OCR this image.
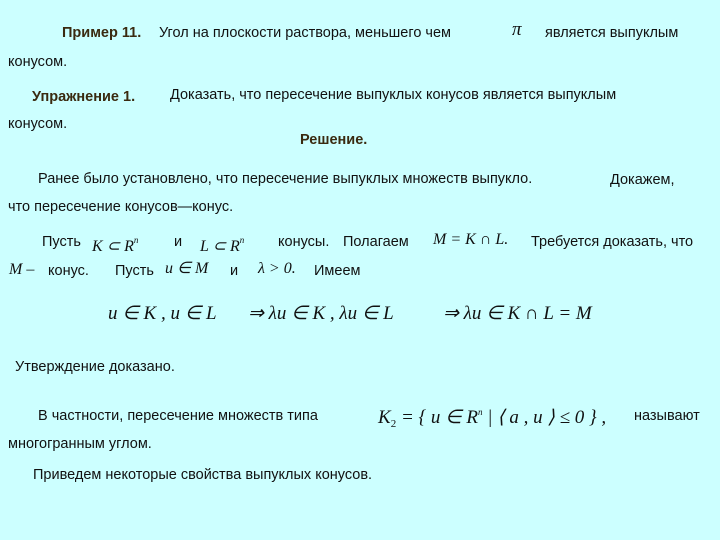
Пример 11. Угол на плоскости раствора, меньшего чем	π является выпуклым
конусом.
Упражнение 1. Доказать, что пересечение выпуклых конусов является выпуклым
конусом.
Решение.
Ранее было установлено, что пересечение выпуклых множеств выпукло.	Докажем,
что пересечение конусов—конус.
Пусть K ⊂ $R^n$ и L ⊂ $R^n$ конусы. Полагаем M = K ∩ L. Требуется доказать, что
M – конус. Пусть u ∈ M и λ > 0. Имеем
u ∈ K , u ∈ L ⇒ λu ∈ K , λu ∈ L	⇒ λu ∈ K ∩ L = M
Утверждение доказано.
В частности, пересечение множеств типа	$K_2$ = { u ∈ $R^n$ | ⟨ a , u ⟩ ≤ 0 } , называют
многогранным углом.
Приведем некоторые свойства выпуклых конусов.
